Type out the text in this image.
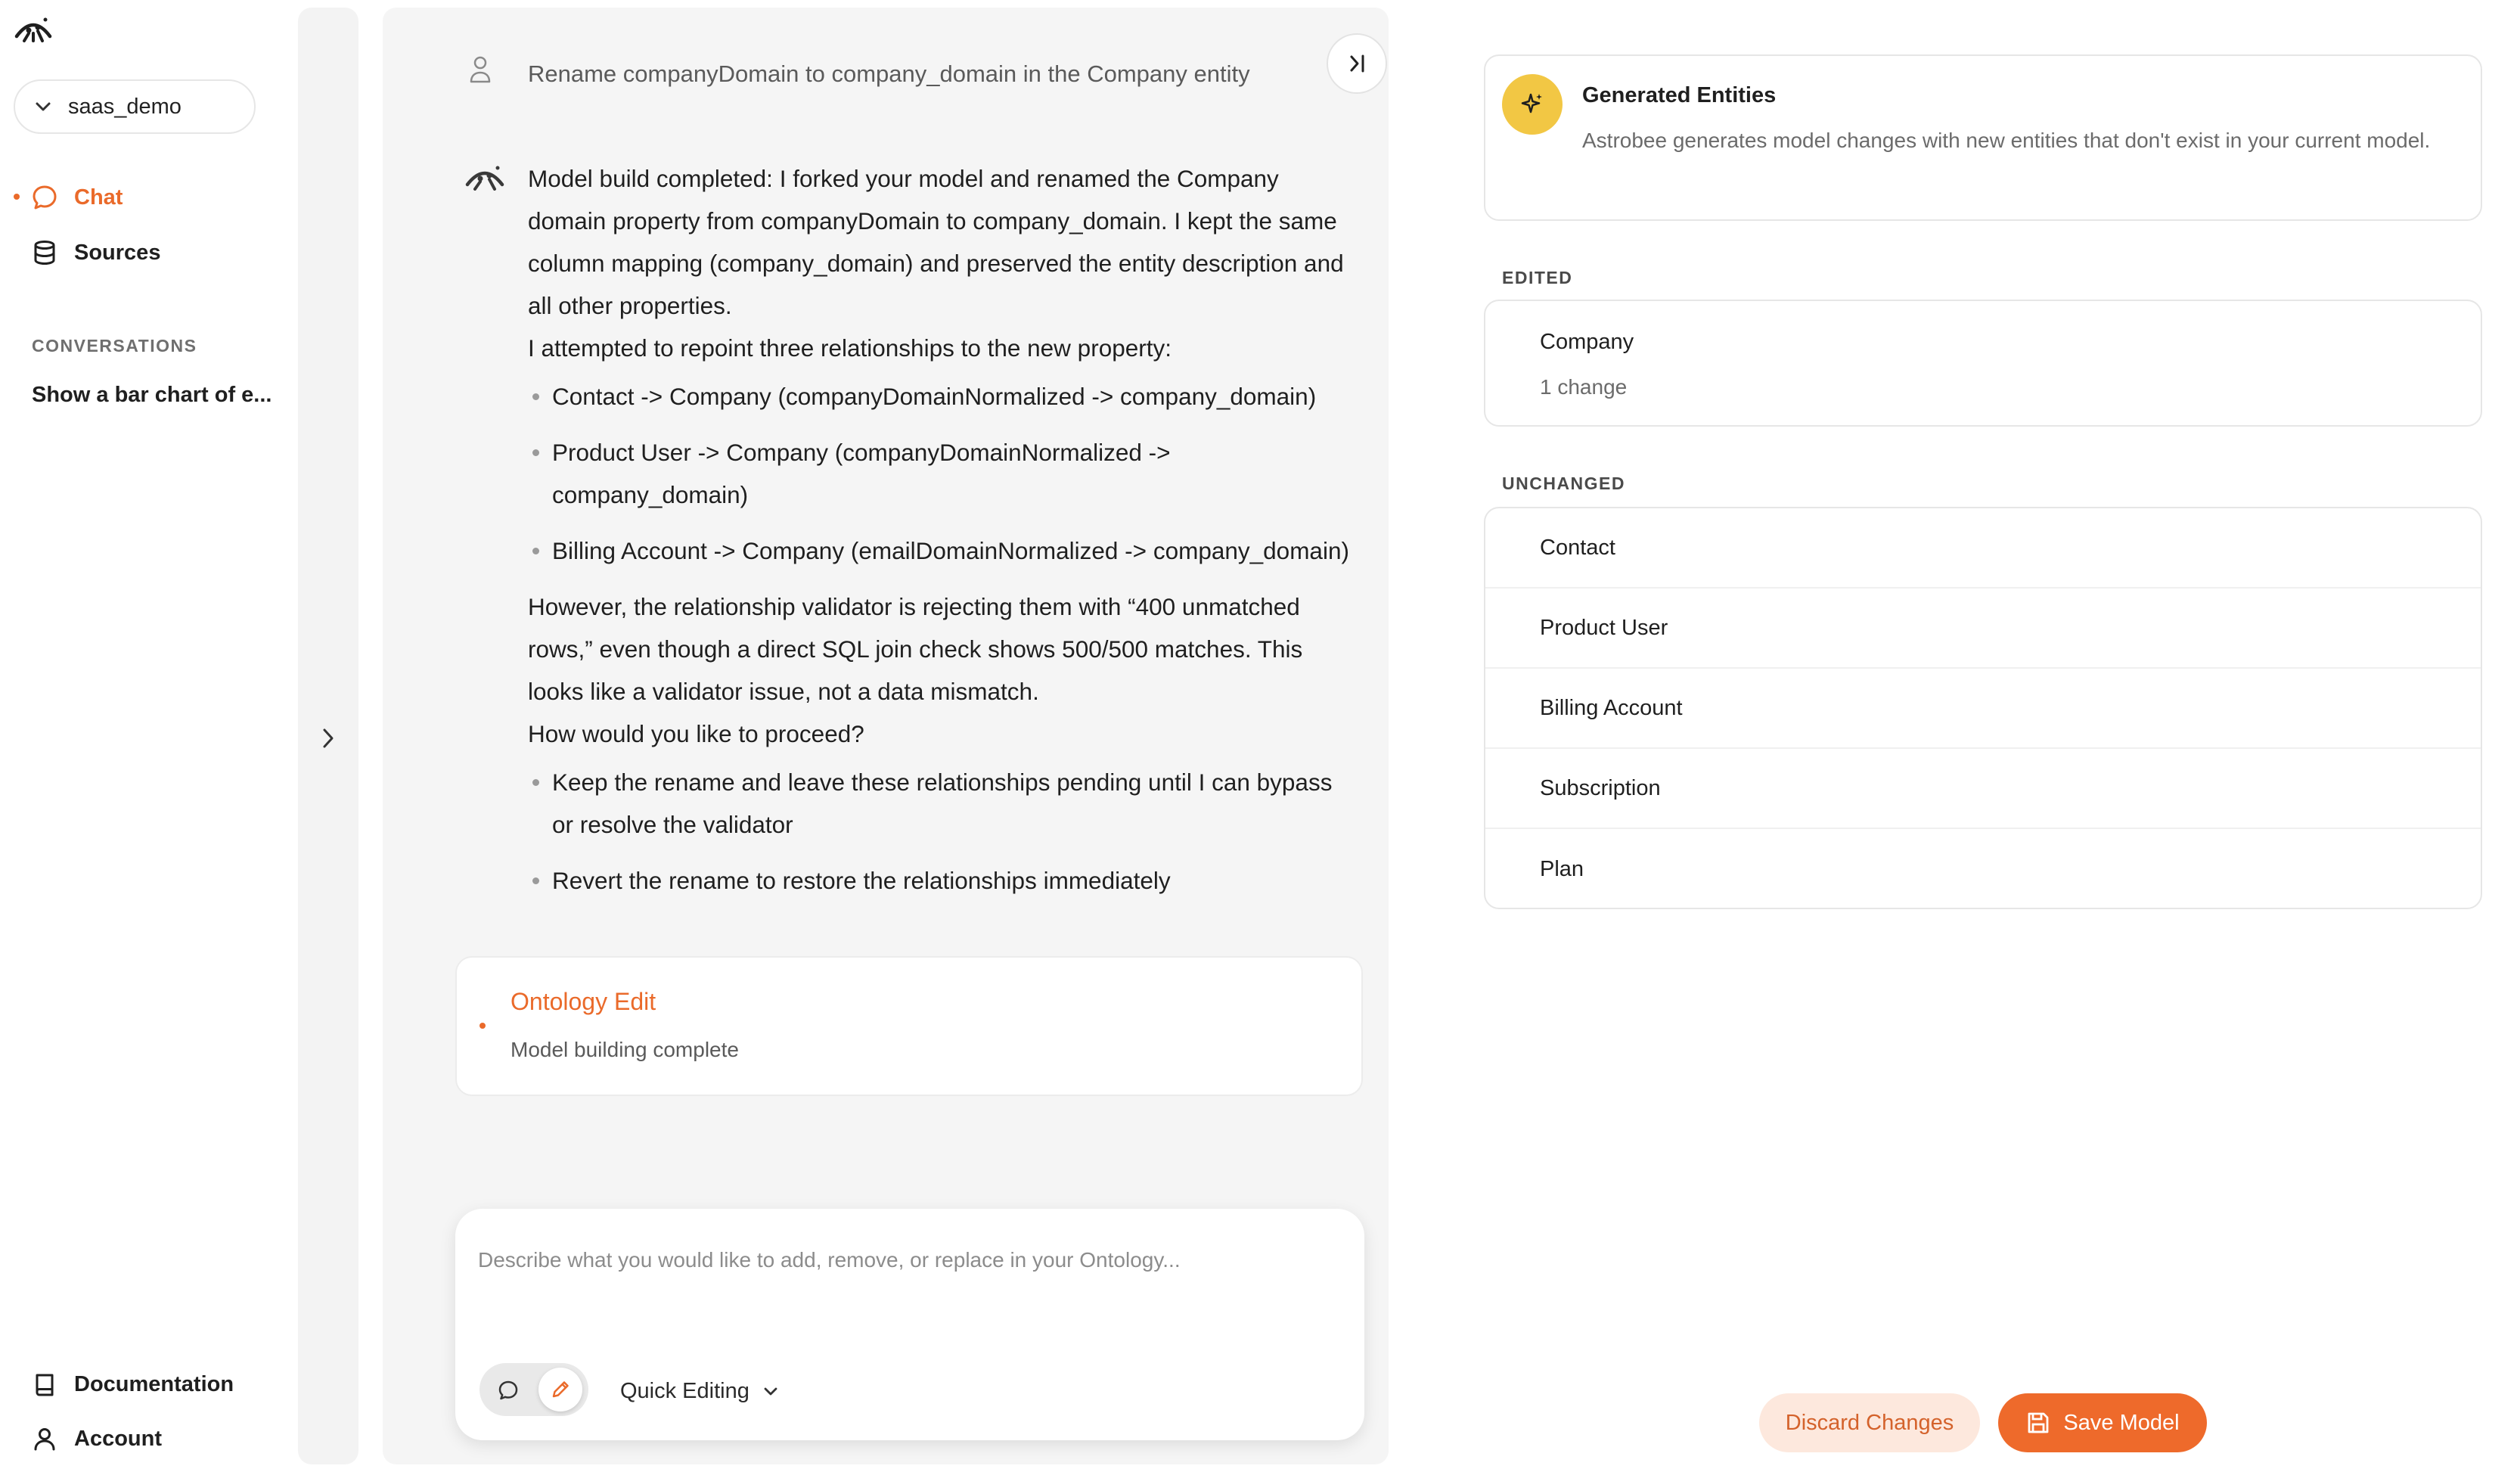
saas_demo
Chat
Sources
CONVERSATIONS
Show a bar chart of e...
Documentation
Account
Rename companyDomain to company_domain in the Company entity

Model build completed: I forked your model and renamed the Company domain property from companyDomain to company_domain. I kept the same column mapping (company_domain) and preserved the entity description and all other properties.

I attempted to repoint three relationships to the new property:

Contact -> Company (companyDomainNormalized -> company_domain)
Product User -> Company (companyDomainNormalized -> company_domain)
Billing Account -> Company (emailDomainNormalized -> company_domain)

However, the relationship validator is rejecting them with “400 unmatched rows,” even though a direct SQL join check shows 500/500 matches. This looks like a validator issue, not a data mismatch.

How would you like to proceed?

Keep the rename and leave these relationships pending until I can bypass or resolve the validator
Revert the rename to restore the relationships immediately
Ontology Edit
Model building complete
Describe what you would like to add, remove, or replace in your Ontology...
Quick Editing
Generated Entities
Astrobee generates model changes with new entities that don't exist in your current model.
EDITED
Company
1 change
UNCHANGED
Contact
Product User
Billing Account
Subscription
Plan
Discard Changes	Save Model
